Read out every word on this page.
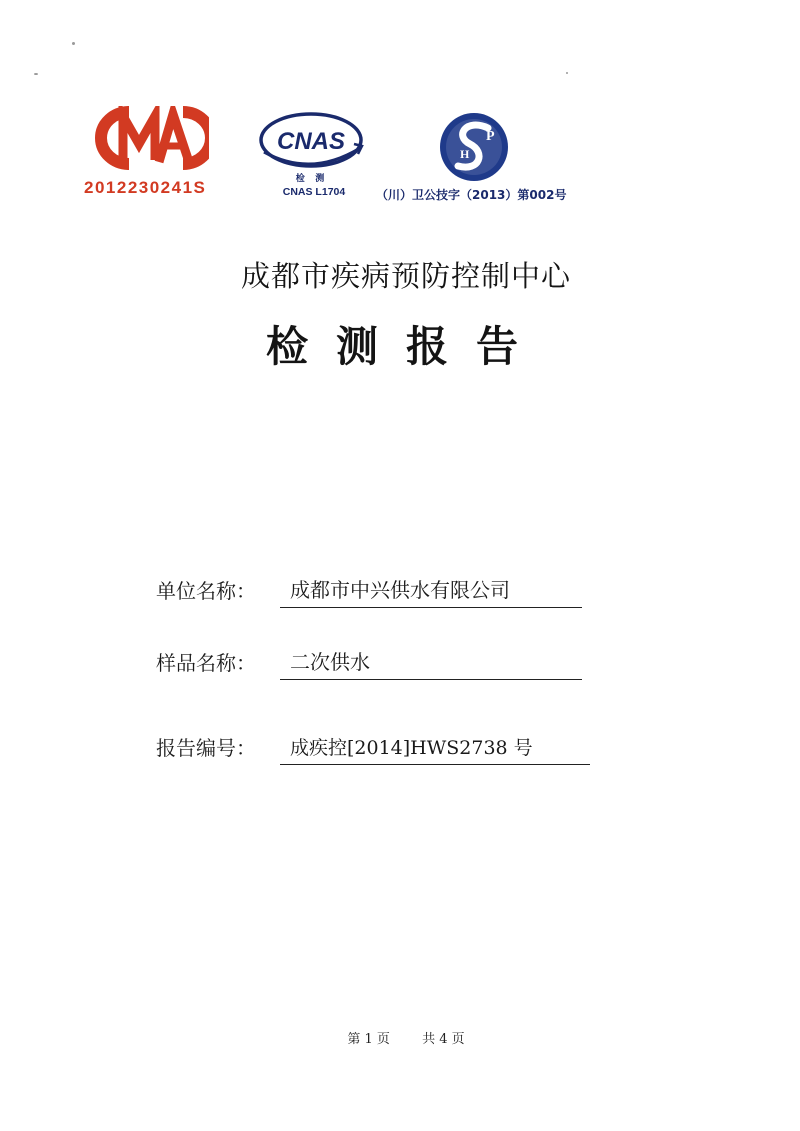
2012230241S
CNAS
检 测
CNAS L1704
P
H
（川）卫公技字（2013）第002号
成都市疾病预防控制中心
检测报告
单位名称：	成都市中兴供水有限公司
样品名称：	二次供水
报告编号：	成疾控[2014]HWS2738 号
第 1 页 共 4 页
